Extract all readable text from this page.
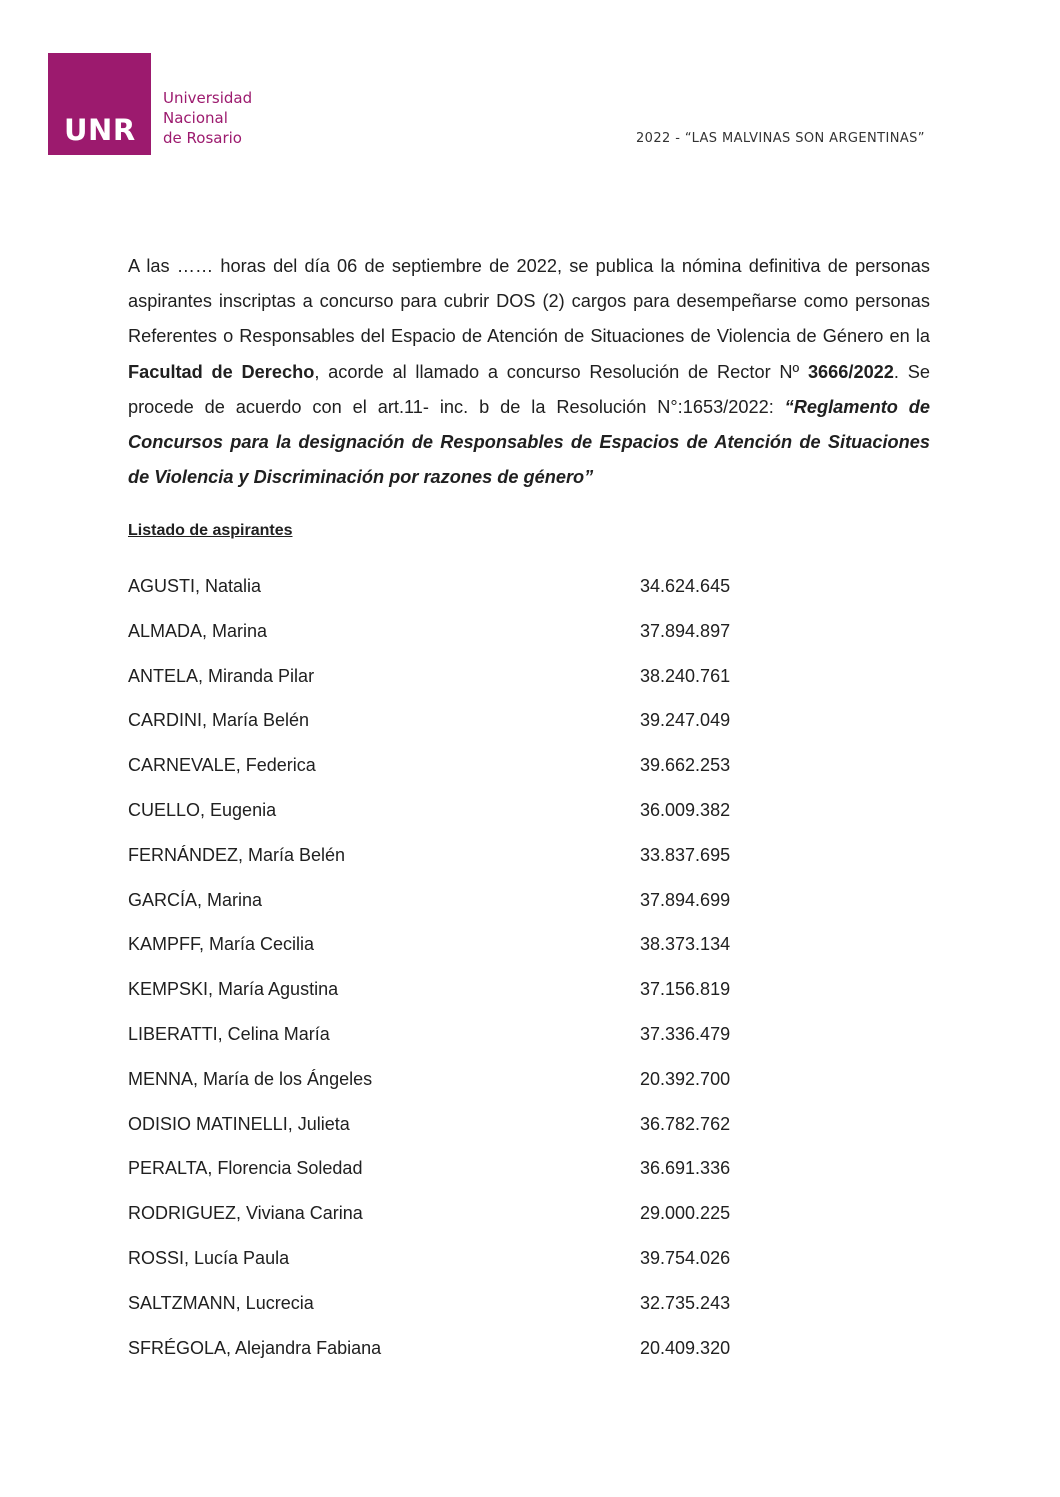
UNR
Universidad
Nacional
de Rosario	2022 - “LAS MALVINAS SON ARGENTINAS”
A las …… horas del día 06 de septiembre de 2022, se publica la nómina definitiva de personas aspirantes inscriptas a concurso para cubrir DOS (2) cargos para desempeñarse como personas Referentes o Responsables del Espacio de Atención de Situaciones de Violencia de Género en la Facultad de Derecho, acorde al llamado a concurso Resolución de Rector Nº 3666/2022. Se procede de acuerdo con el art.11- inc. b de la Resolución N°:1653/2022: “Reglamento de Concursos para la designación de Responsables de Espacios de Atención de Situaciones de Violencia y Discriminación por razones de género”
Listado de aspirantes
AGUSTI, Natalia	34.624.645
ALMADA, Marina	37.894.897
ANTELA, Miranda Pilar	38.240.761
CARDINI, María Belén	39.247.049
CARNEVALE, Federica	39.662.253
CUELLO, Eugenia	36.009.382
FERNÁNDEZ, María Belén	33.837.695
GARCÍA, Marina	37.894.699
KAMPFF, María Cecilia	38.373.134
KEMPSKI, María Agustina	37.156.819
LIBERATTI, Celina María	37.336.479
MENNA, María de los Ángeles	20.392.700
ODISIO MATINELLI, Julieta	36.782.762
PERALTA, Florencia Soledad	36.691.336
RODRIGUEZ, Viviana Carina	29.000.225
ROSSI, Lucía Paula	39.754.026
SALTZMANN, Lucrecia	32.735.243
SFRÉGOLA, Alejandra Fabiana	20.409.320
